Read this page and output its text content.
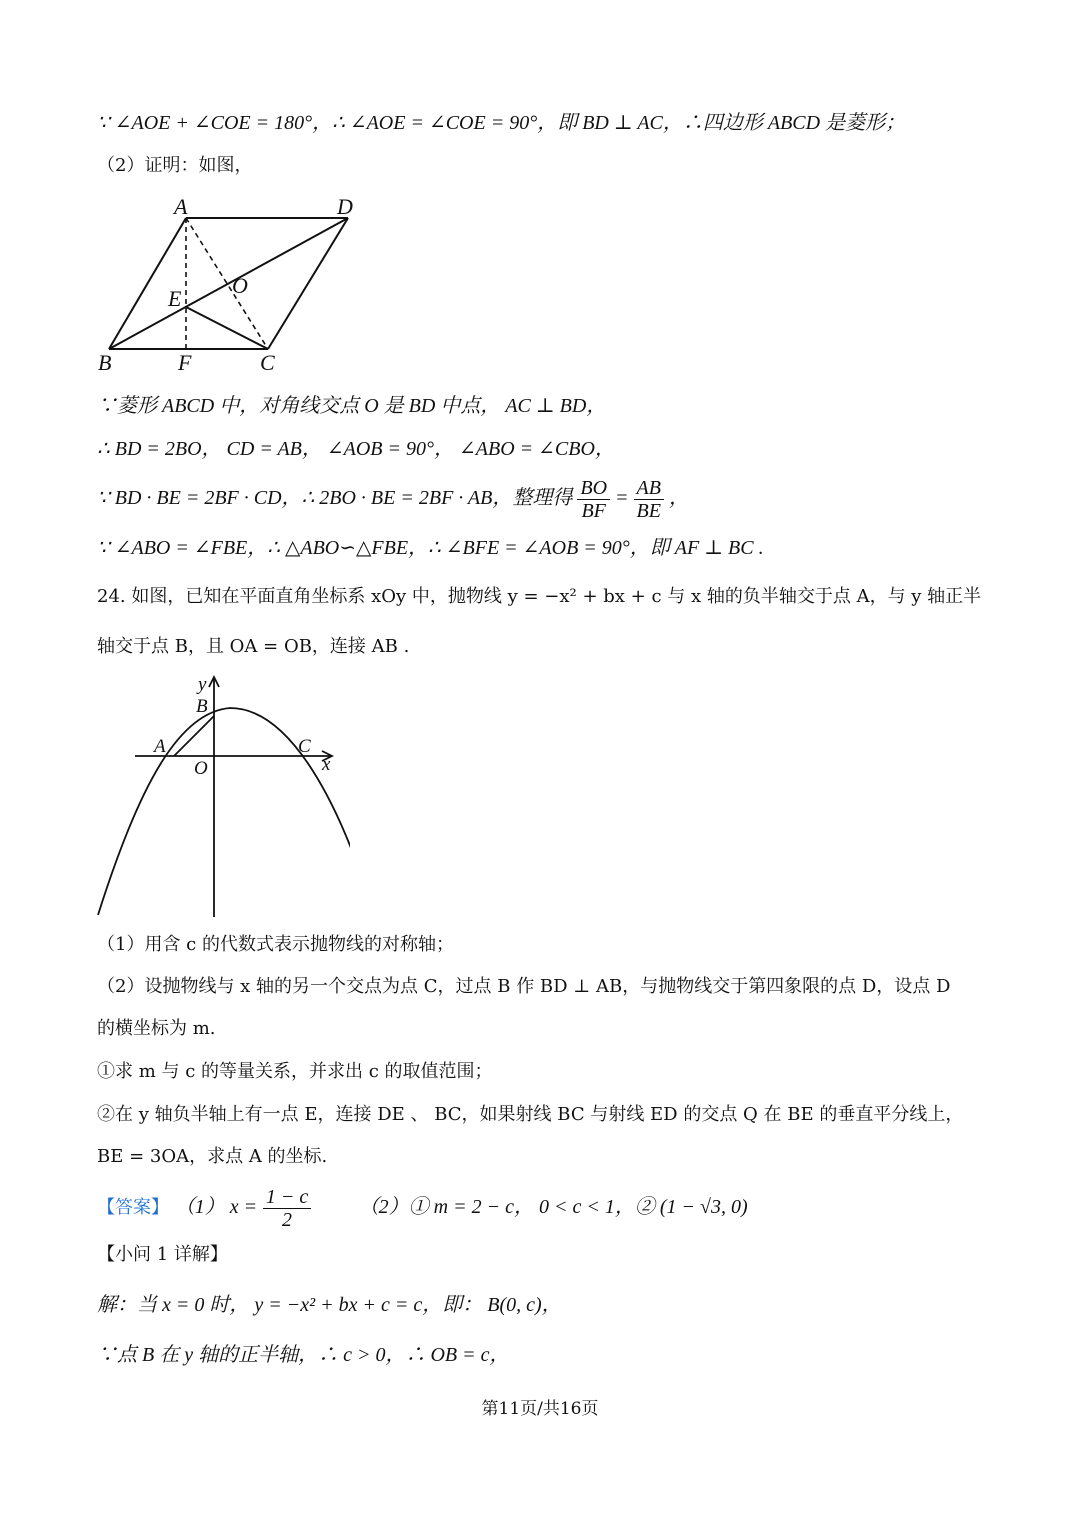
∵ ∠AOE + ∠COE = 180°，∴ ∠AOE = ∠COE = 90°，即 BD ⊥ AC，∴四边形 ABCD 是菱形；
（2）证明：如图，
A	D
E
O
B	F	C
∵菱形 ABCD 中，对角线交点 O 是 BD 中点， AC ⊥ BD，
∴ BD = 2BO， CD = AB， ∠AOB = 90°， ∠ABO = ∠CBO，
∵ BD · BE = 2BF · CD，∴ 2BO · BE = 2BF · AB，整理得 $\frac{BO}{BF} = \frac{AB}{BE}$ ，
∵ ∠ABO = ∠FBE，∴ △ABO∽△FBE，∴ ∠BFE = ∠AOB = 90°，即 AF ⊥ BC .
24. 如图，已知在平面直角坐标系 xOy 中，抛物线 y = −x² + bx + c 与 x 轴的负半轴交于点 A，与 y 轴正半
轴交于点 B，且 OA = OB，连接 AB .
y
B
A	C
O	x
（1）用含 c 的代数式表示抛物线的对称轴；
（2）设抛物线与 x 轴的另一个交点为点 C，过点 B 作 BD ⊥ AB，与抛物线交于第四象限的点 D，设点 D
的横坐标为 m.
①求 m 与 c 的等量关系，并求出 c 的取值范围；
②在 y 轴负半轴上有一点 E，连接 DE 、 BC，如果射线 BC 与射线 ED 的交点 Q 在 BE 的垂直平分线上，
BE = 3OA，求点 A 的坐标.
【答案】 （1） $x = \frac{1 - c}{2}$ （2）① m = 2 − c， 0 < c < 1，② (1 − √3, 0)
【小问 1 详解】
解：当 x = 0 时， y = −x² + bx + c = c，即： B(0, c)，
∵点 B 在 y 轴的正半轴，∴ c > 0，∴ OB = c，
第11页/共16页
